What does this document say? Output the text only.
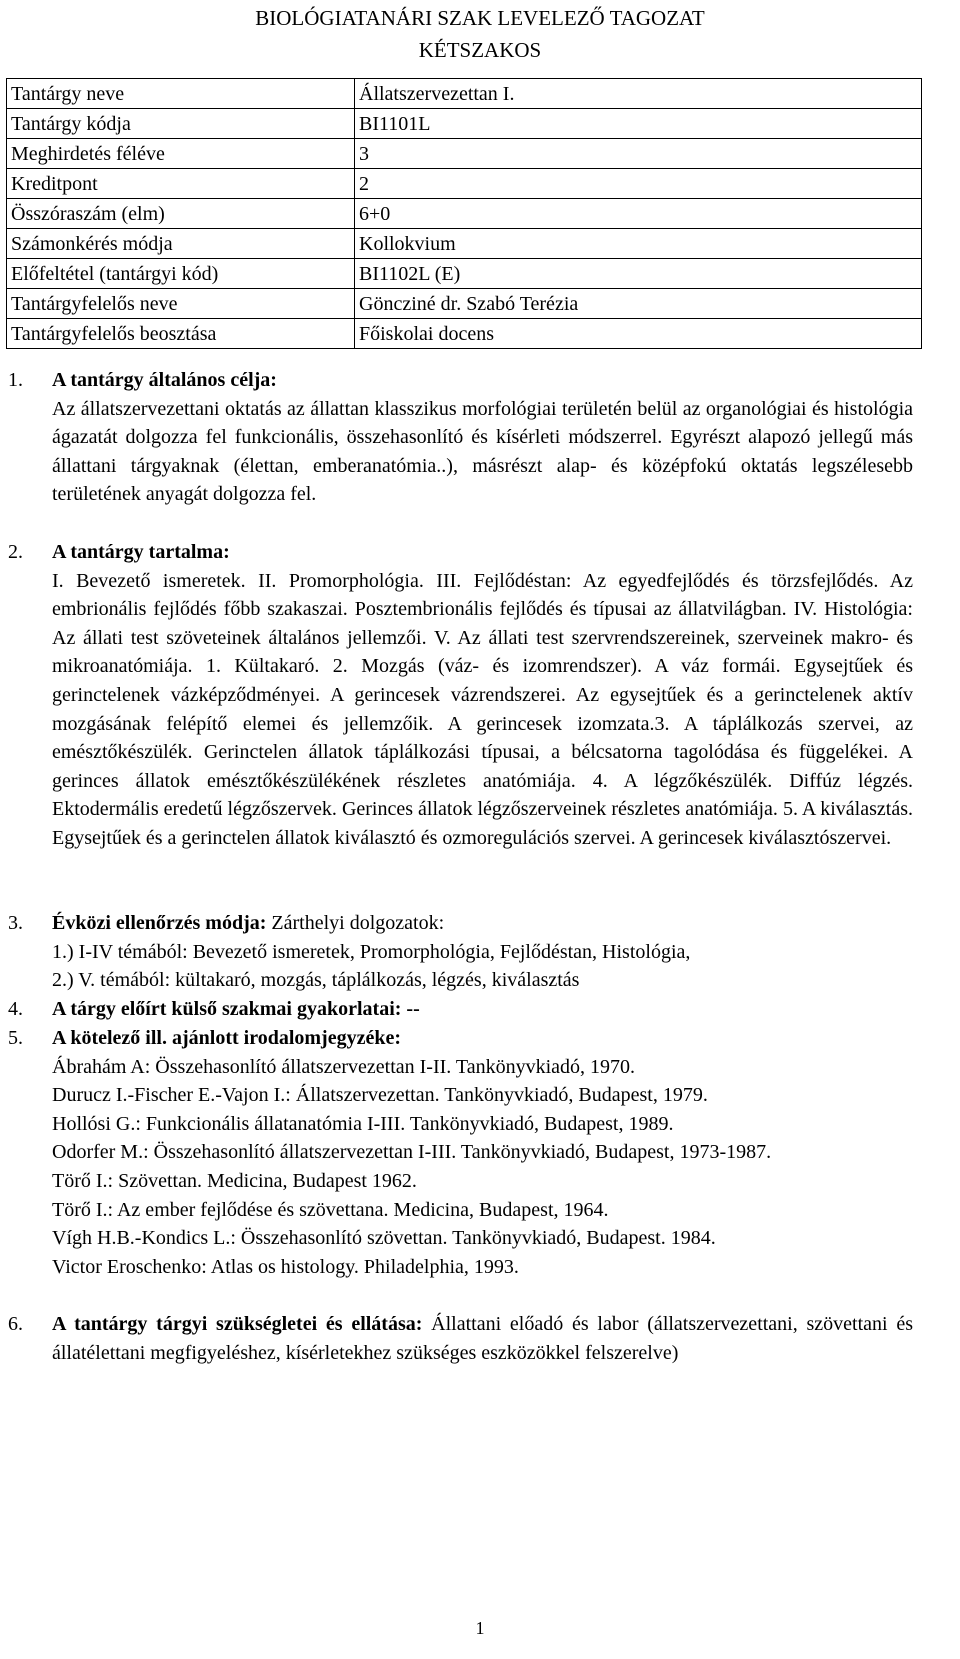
BIOLÓGIATANÁRI SZAK LEVELEZŐ TAGOZAT
KÉTSZAKOS
Tantárgy neve	Állatszervezettan I.
Tantárgy kódja	BI1101L
Meghirdetés féléve	3
Kreditpont	2
Összóraszám (elm)	6+0
Számonkérés módja	Kollokvium
Előfeltétel (tantárgyi kód)	BI1102L (E)
Tantárgyfelelős neve	Göncziné dr. Szabó Terézia
Tantárgyfelelős beosztása	Főiskolai docens
1. A tantárgy általános célja:
Az állatszervezettani oktatás az állattan klasszikus morfológiai területén belül az organológiai és histológia ágazatát dolgozza fel funkcionális, összehasonlító és kísérleti módszerrel. Egyrészt alapozó jellegű más állattani tárgyaknak (élettan, emberanatómia..), másrészt alap- és középfokú oktatás legszélesebb területének anyagát dolgozza fel.
2. A tantárgy tartalma:
I. Bevezető ismeretek. II. Promorphológia. III. Fejlődéstan: Az egyedfejlődés és törzsfejlődés. Az embrionális fejlődés főbb szakaszai. Posztembrionális fejlődés és típusai az állatvilágban. IV. Histológia: Az állati test szöveteinek általános jellemzői. V. Az állati test szervrendszereinek, szerveinek makro- és mikroanatómiája. 1. Kültakaró. 2. Mozgás (váz- és izomrendszer). A váz formái. Egysejtűek és gerinctelenek vázképződményei. A gerincesek vázrendszerei. Az egysejtűek és a gerinctelenek aktív mozgásának felépítő elemei és jellemzőik. A gerincesek izomzata.3. A táplálkozás szervei, az emésztőkészülék. Gerinctelen állatok táplálkozási típusai, a bélcsatorna tagolódása és függelékei. A gerinces állatok emésztőkészülékének részletes anatómiája. 4. A légzőkészülék. Diffúz légzés. Ektodermális eredetű légzőszervek. Gerinces állatok légzőszerveinek részletes anatómiája. 5. A kiválasztás. Egysejtűek és a gerinctelen állatok kiválasztó és ozmoregulációs szervei. A gerincesek kiválasztószervei.
3. Évközi ellenőrzés módja: Zárthelyi dolgozatok:
1.) I-IV témából: Bevezető ismeretek, Promorphológia, Fejlődéstan, Histológia,
2.) V. témából: kültakaró, mozgás, táplálkozás, légzés, kiválasztás
4. A tárgy előírt külső szakmai gyakorlatai: --
5. A kötelező ill. ajánlott irodalomjegyzéke:
Ábrahám A: Összehasonlító állatszervezettan I-II. Tankönyvkiadó, 1970.
Durucz I.-Fischer E.-Vajon I.: Állatszervezettan. Tankönyvkiadó, Budapest, 1979.
Hollósi G.: Funkcionális állatanatómia I-III. Tankönyvkiadó, Budapest, 1989.
Odorfer M.: Összehasonlító állatszervezettan I-III. Tankönyvkiadó, Budapest, 1973-1987.
Törő I.: Szövettan. Medicina, Budapest 1962.
Törő I.: Az ember fejlődése és szövettana. Medicina, Budapest, 1964.
Vígh H.B.-Kondics L.: Összehasonlító szövettan. Tankönyvkiadó, Budapest. 1984.
Victor Eroschenko: Atlas os histology. Philadelphia, 1993.
6. A tantárgy tárgyi szükségletei és ellátása: Állattani előadó és labor (állatszervezettani, szövettani és állatélettani megfigyeléshez, kísérletekhez szükséges eszközökkel felszerelve)
1
